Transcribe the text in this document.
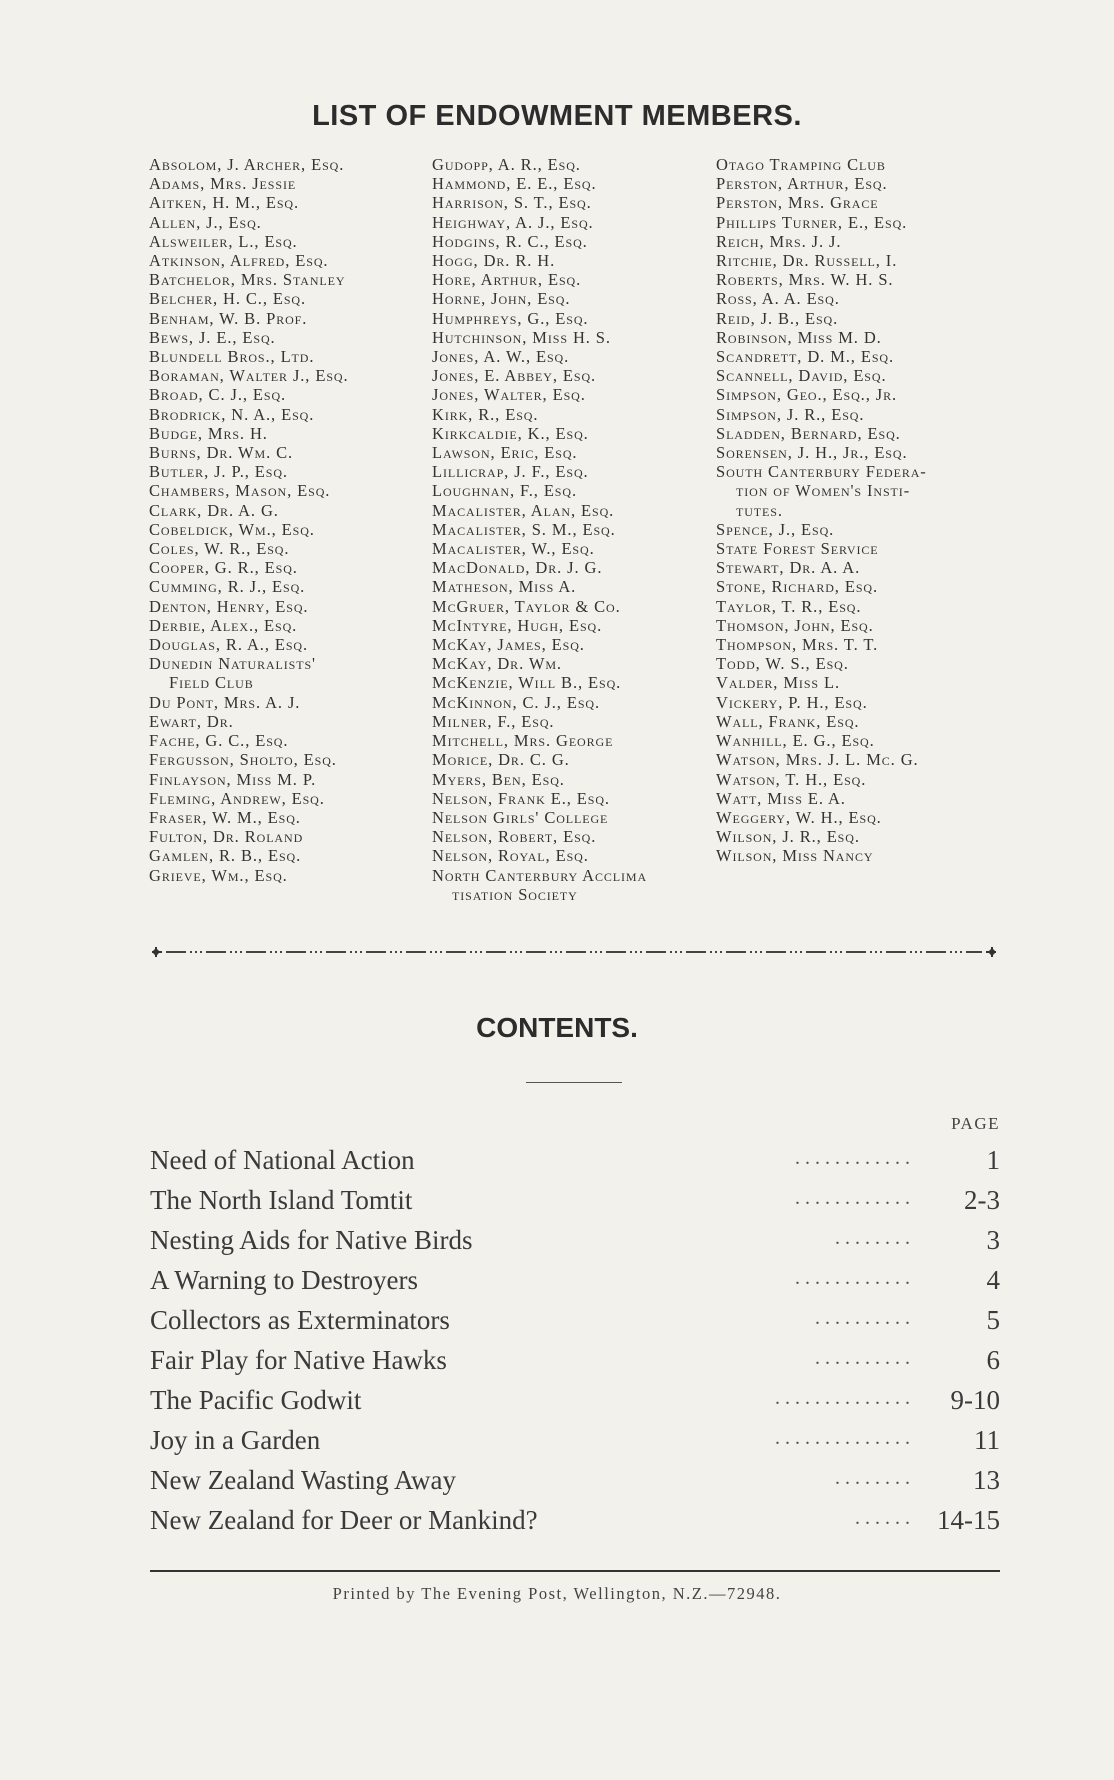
LIST OF ENDOWMENT MEMBERS.
Absolom, J. Archer, Esq.
Adams, Mrs. Jessie
Aitken, H. M., Esq.
Allen, J., Esq.
Alsweiler, L., Esq.
Atkinson, Alfred, Esq.
Batchelor, Mrs. Stanley
Belcher, H. C., Esq.
Benham, W. B. Prof.
Bews, J. E., Esq.
Blundell Bros., Ltd.
Boraman, Walter J., Esq.
Broad, C. J., Esq.
Brodrick, N. A., Esq.
Budge, Mrs. H.
Burns, Dr. Wm. C.
Butler, J. P., Esq.
Chambers, Mason, Esq.
Clark, Dr. A. G.
Cobeldick, Wm., Esq.
Coles, W. R., Esq.
Cooper, G. R., Esq.
Cumming, R. J., Esq.
Denton, Henry, Esq.
Derbie, Alex., Esq.
Douglas, R. A., Esq.
Dunedin Naturalists'
Field Club
Du Pont, Mrs. A. J.
Ewart, Dr.
Fache, G. C., Esq.
Fergusson, Sholto, Esq.
Finlayson, Miss M. P.
Fleming, Andrew, Esq.
Fraser, W. M., Esq.
Fulton, Dr. Roland
Gamlen, R. B., Esq.
Grieve, Wm., Esq.
Gudopp, A. R., Esq.
Hammond, E. E., Esq.
Harrison, S. T., Esq.
Heighway, A. J., Esq.
Hodgins, R. C., Esq.
Hogg, Dr. R. H.
Hore, Arthur, Esq.
Horne, John, Esq.
Humphreys, G., Esq.
Hutchinson, Miss H. S.
Jones, A. W., Esq.
Jones, E. Abbey, Esq.
Jones, Walter, Esq.
Kirk, R., Esq.
Kirkcaldie, K., Esq.
Lawson, Eric, Esq.
Lillicrap, J. F., Esq.
Loughnan, F., Esq.
Macalister, Alan, Esq.
Macalister, S. M., Esq.
Macalister, W., Esq.
MacDonald, Dr. J. G.
Matheson, Miss A.
McGruer, Taylor & Co.
McIntyre, Hugh, Esq.
McKay, James, Esq.
McKay, Dr. Wm.
McKenzie, Will B., Esq.
McKinnon, C. J., Esq.
Milner, F., Esq.
Mitchell, Mrs. George
Morice, Dr. C. G.
Myers, Ben, Esq.
Nelson, Frank E., Esq.
Nelson Girls' College
Nelson, Robert, Esq.
Nelson, Royal, Esq.
North Canterbury Acclima
tisation Society
Otago Tramping Club
Perston, Arthur, Esq.
Perston, Mrs. Grace
Phillips Turner, E., Esq.
Reich, Mrs. J. J.
Ritchie, Dr. Russell, I.
Roberts, Mrs. W. H. S.
Ross, A. A. Esq.
Reid, J. B., Esq.
Robinson, Miss M. D.
Scandrett, D. M., Esq.
Scannell, David, Esq.
Simpson, Geo., Esq., Jr.
Simpson, J. R., Esq.
Sladden, Bernard, Esq.
Sorensen, J. H., Jr., Esq.
South Canterbury Federa-
tion of Women's Insti-
tutes.
Spence, J., Esq.
State Forest Service
Stewart, Dr. A. A.
Stone, Richard, Esq.
Taylor, T. R., Esq.
Thomson, John, Esq.
Thompson, Mrs. T. T.
Todd, W. S., Esq.
Valder, Miss L.
Vickery, P. H., Esq.
Wall, Frank, Esq.
Wanhill, E. G., Esq.
Watson, Mrs. J. L. Mc. G.
Watson, T. H., Esq.
Watt, Miss E. A.
Weggery, W. H., Esq.
Wilson, J. R., Esq.
Wilson, Miss Nancy
CONTENTS.
PAGE
Need of National Action	. . . . . . . . . . . .	1
The North Island Tomtit	. . . . . . . . . . . . 2-3
Nesting Aids for Native Birds	. . . . . . . .	3
A Warning to Destroyers	. . . . . . . . . . . .	4
Collectors as Exterminators	. . . . . . . . . .	5
Fair Play for Native Hawks	. . . . . . . . . .	6
The Pacific Godwit	. . . . . . . . . . . . . . 9-10
Joy in a Garden	. . . . . . . . . . . . . . 11
New Zealand Wasting Away	. . . . . . . . 13
New Zealand for Deer or Mankind?	. . . . . . 14-15
Printed by The Evening Post, Wellington, N.Z.—72948.
